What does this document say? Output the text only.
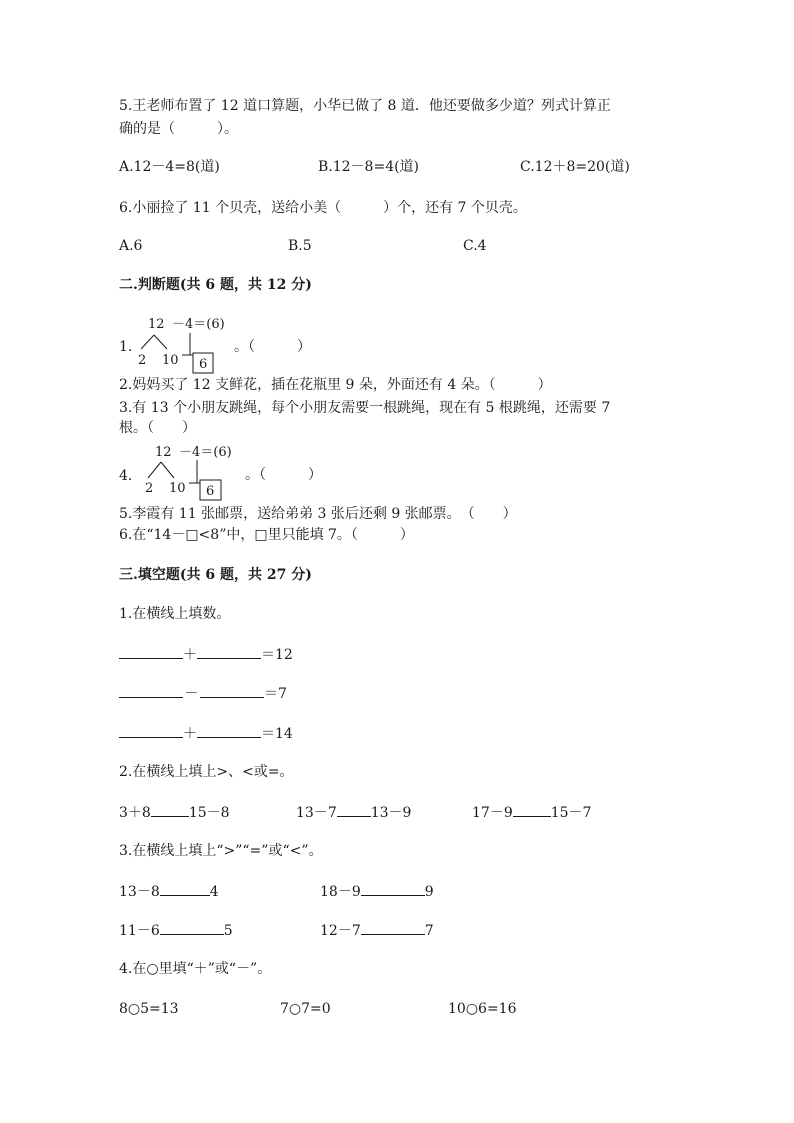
5.王老师布置了 12 道口算题，小华已做了 8 道．他还要做多少道？列式计算正
确的是（　　　）。
A.12－4=8(道)	B.12－8=4(道)	C.12＋8=20(道)
6.小丽捡了 11 个贝壳，送给小美（　　　）个，还有 7 个贝壳。
A.6	B.5	C.4
二.判断题(共 6 题，共 12 分)
1.
12 －4＝(6)
2 10 6
。（　　　）
2.妈妈买了 12 支鲜花，插在花瓶里 9 朵，外面还有 4 朵。（　　　）
3.有 13 个小朋友跳绳，每个小朋友需要一根跳绳，现在有 5 根跳绳，还需要 7
根。（　　）
4.
12 －4＝(6)
2 10 6
。（　　　）
5.李霞有 11 张邮票，送给弟弟 3 张后还剩 9 张邮票。　（　　）
6.在“14－□<8”中，□里只能填 7。（　　　）
三.填空题(共 6 题，共 27 分)
1.在横线上填数。
＋	＝12
－	＝7
＋	＝14
2.在横线上填上>、<或=。
3＋8	15－8	13－7 13－9	17－9	15－7
3.在横线上填上“>”“=”或“<”。
13－8	4	18－9	9
11－6	5	12－7	7
4.在○里填“＋”或“－”。
8○5=13	7○7=0	10○6=16
